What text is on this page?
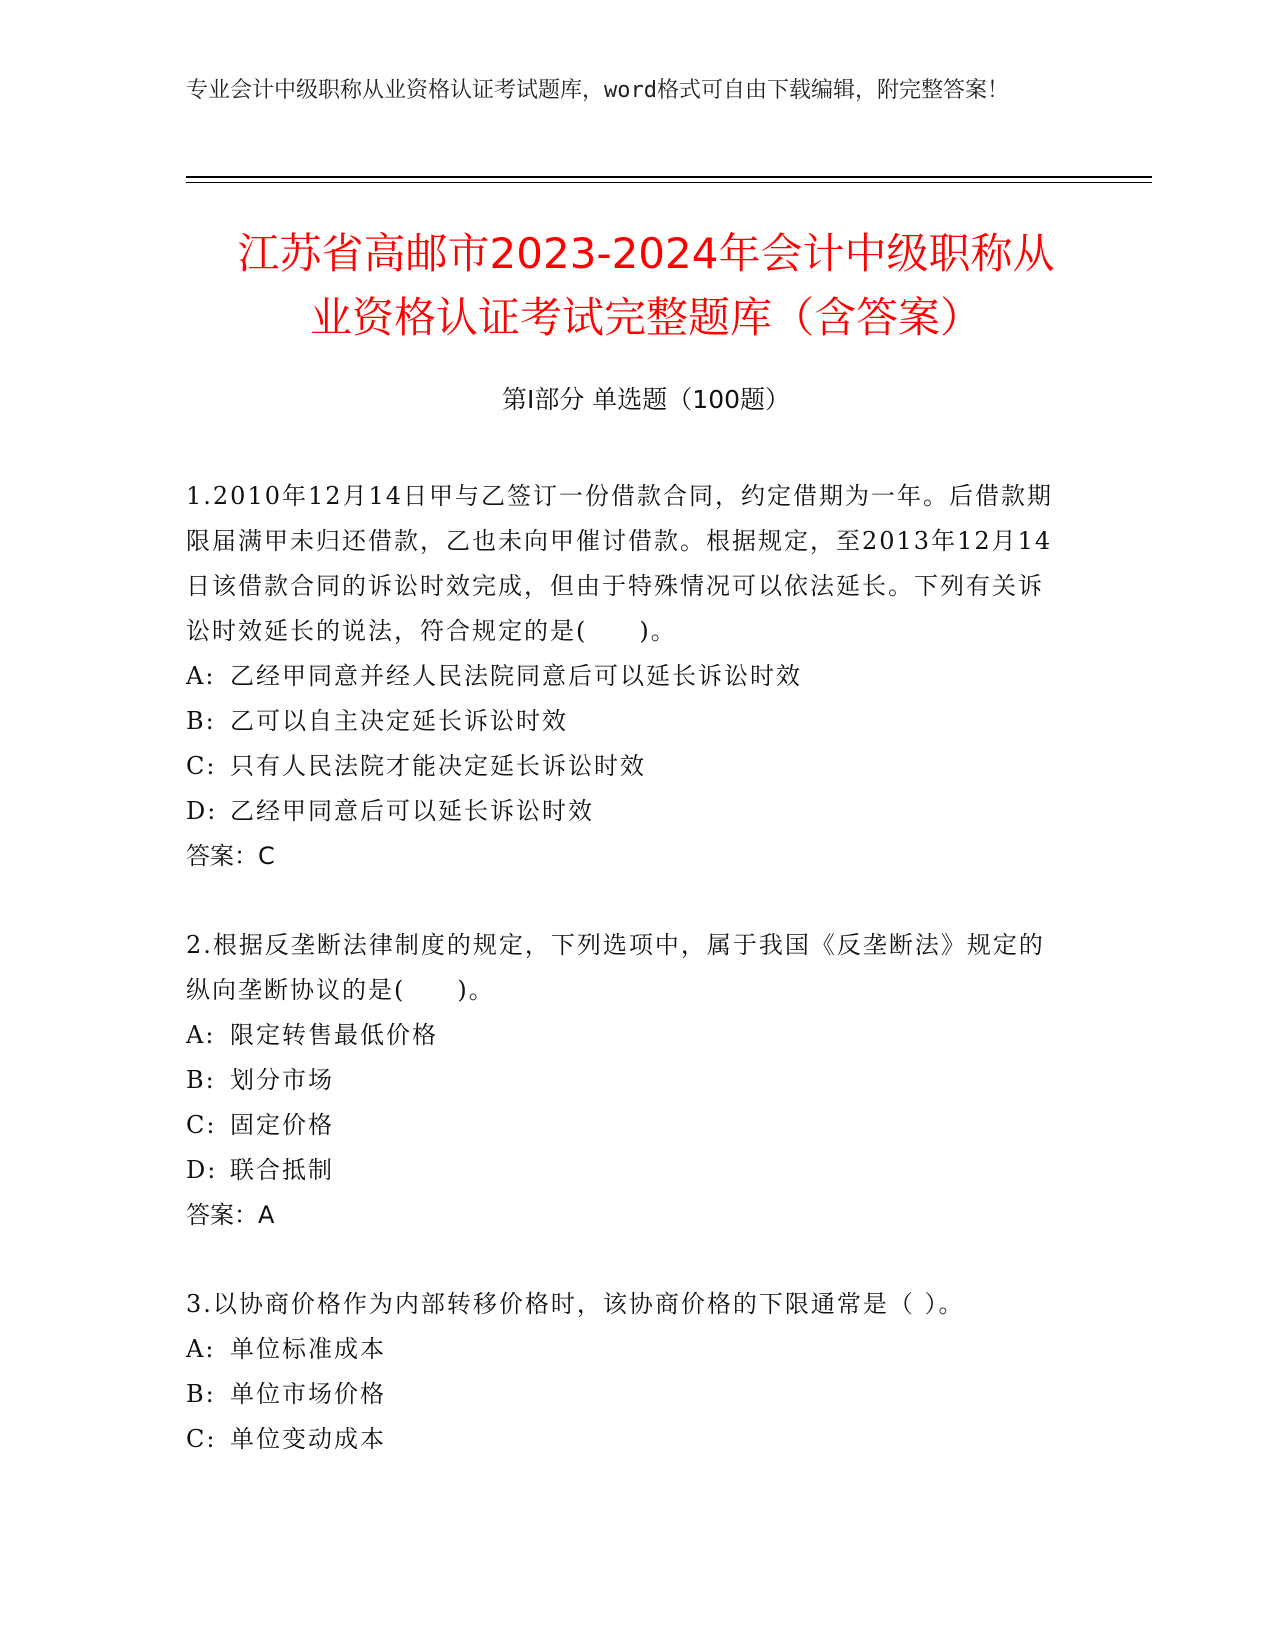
专业会计中级职称从业资格认证考试题库，word格式可自由下载编辑，附完整答案！
江苏省高邮市2023-2024年会计中级职称从
业资格认证考试完整题库（含答案）
第Ⅰ部分 单选题（100题）

1.2010年12月14日甲与乙签订一份借款合同，约定借期为一年。后借款期限届满甲未归还借款，乙也未向甲催讨借款。根据规定，至2013年12月14日该借款合同的诉讼时效完成，但由于特殊情况可以依法延长。下列有关诉讼时效延长的说法，符合规定的是(　　)。

A: 乙经甲同意并经人民法院同意后可以延长诉讼时效

B: 乙可以自主决定延长诉讼时效

C: 只有人民法院才能决定延长诉讼时效

D: 乙经甲同意后可以延长诉讼时效

答案：C

2.根据反垄断法律制度的规定，下列选项中，属于我国《反垄断法》规定的纵向垄断协议的是(　　)。

A: 限定转售最低价格

B: 划分市场

C: 固定价格

D: 联合抵制

答案：A

3.以协商价格作为内部转移价格时，该协商价格的下限通常是（ ）。

A: 单位标准成本

B: 单位市场价格

C: 单位变动成本
